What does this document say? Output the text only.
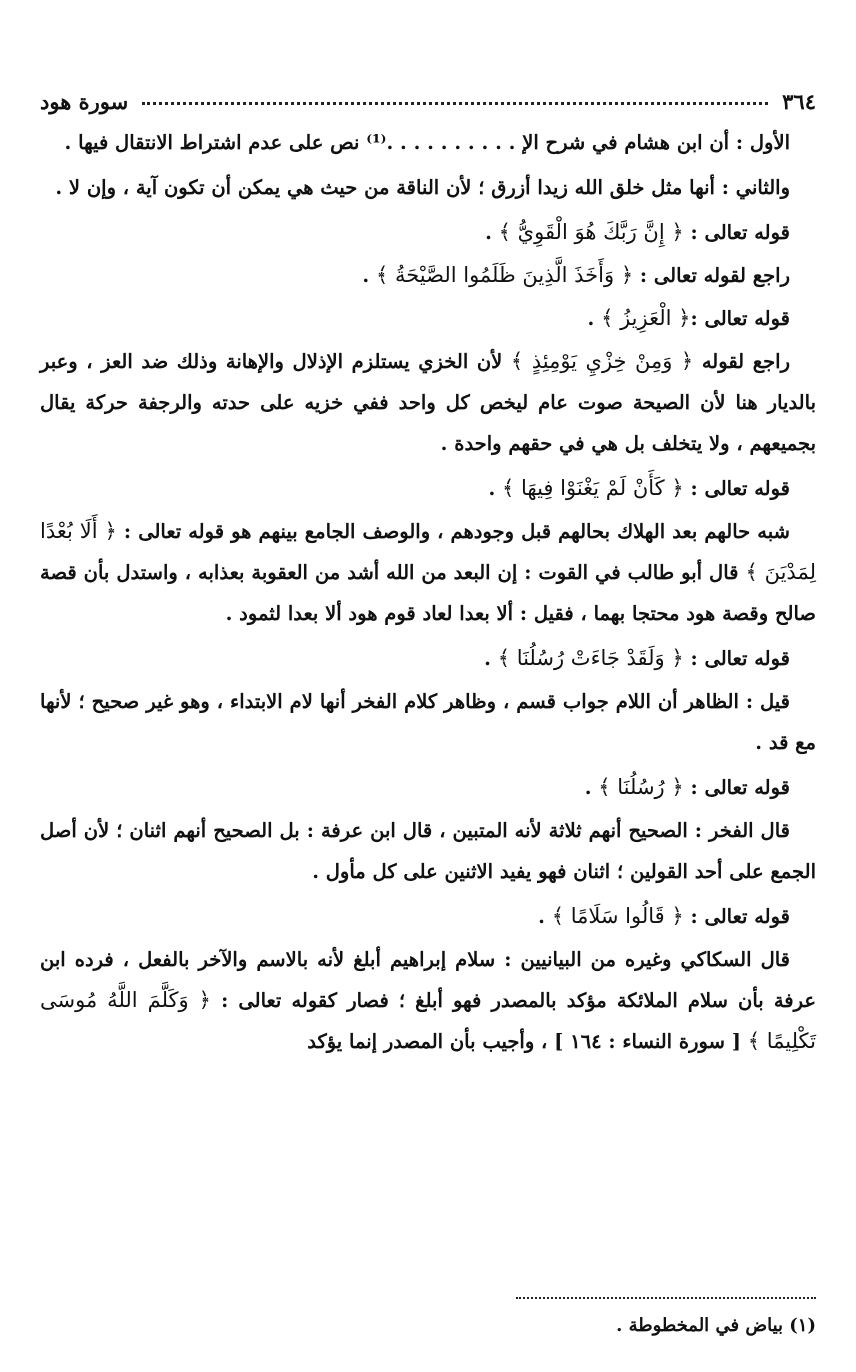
٣٦٤
سورة هود

الأول : أن ابن هشام في شرح الإ . . . . . . . . . .⁽¹⁾ نص على عدم اشتراط الانتقال فيها .

والثاني : أنها مثل خلق الله زيدا أزرق ؛ لأن الناقة من حيث هي يمكن أن تكون آية ، وإن لا .

قوله تعالى : ﴿ إِنَّ رَبَّكَ هُوَ الْقَوِيُّ ﴾ .

راجع لقوله تعالى : ﴿ وَأَخَذَ الَّذِينَ ظَلَمُوا الصَّيْحَةُ ﴾ .

قوله تعالى :﴿ الْعَزِيزُ ﴾ .

راجع لقوله ﴿ وَمِنْ خِزْيِ يَوْمِئِذٍ ﴾ لأن الخزي يستلزم الإذلال والإهانة وذلك ضد العز ، وعبر بالديار هنا لأن الصيحة صوت عام ليخص كل واحد ففي خزيه على حدته والرجفة حركة يقال بجميعهم ، ولا يتخلف بل هي في حقهم واحدة .

قوله تعالى : ﴿ كَأَنْ لَمْ يَغْنَوْا فِيهَا ﴾ .

شبه حالهم بعد الهلاك بحالهم قبل وجودهم ، والوصف الجامع بينهم هو قوله تعالى : ﴿ أَلَا بُعْدًا لِمَدْيَنَ ﴾ قال أبو طالب في القوت : إن البعد من الله أشد من العقوبة بعذابه ، واستدل بأن قصة صالح وقصة هود محتجا بهما ، فقيل : ألا بعدا لعاد قوم هود ألا بعدا لثمود .

قوله تعالى : ﴿ وَلَقَدْ جَاءَتْ رُسُلُنَا ﴾ .

قيل : الظاهر أن اللام جواب قسم ، وظاهر كلام الفخر أنها لام الابتداء ، وهو غير صحيح ؛ لأنها مع قد .

قوله تعالى : ﴿ رُسُلُنَا ﴾ .

قال الفخر : الصحيح أنهم ثلاثة لأنه المتبين ، قال ابن عرفة : بل الصحيح أنهم اثنان ؛ لأن أصل الجمع على أحد القولين ؛ اثنان فهو يفيد الاثنين على كل مأول .

قوله تعالى : ﴿ قَالُوا سَلَامًا ﴾ .

قال السكاكي وغيره من البيانيين : سلام إبراهيم أبلغ لأنه بالاسم والآخر بالفعل ، فرده ابن عرفة بأن سلام الملائكة مؤكد بالمصدر فهو أبلغ ؛ فصار كقوله تعالى : ﴿ وَكَلَّمَ اللَّهُ مُوسَى تَكْلِيمًا ﴾ [ سورة النساء : ١٦٤ ] ، وأجيب بأن المصدر إنما يؤكد

(١) بياض في المخطوطة .
